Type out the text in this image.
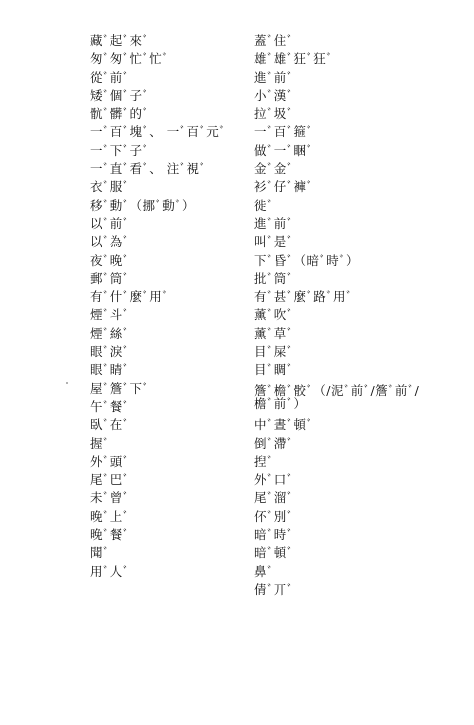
藏ﾞ起ﾞ來ﾞ
匆ﾞ匆ﾞ忙ﾞ忙ﾞ
從ﾞ前ﾞ
矮ﾞ個ﾞ子ﾞ
骯ﾞ髒ﾞ的ﾞ
一ﾞ百ﾞ塊ﾞ、 一ﾞ百ﾞ元ﾞ
一ﾞ下ﾞ子ﾞ
一ﾞ直ﾞ看ﾞ、 注ﾞ視ﾞ
衣ﾞ服ﾞ
移ﾞ動ﾞ（挪ﾞ動ﾞ）
以ﾞ前ﾞ
以ﾞ為ﾞ
夜ﾞ晚ﾞ
郵ﾞ筒ﾞ
有ﾞ什ﾞ麼ﾞ用ﾞ
煙ﾞ斗ﾞ
煙ﾞ絲ﾞ
眼ﾞ淚ﾞ
眼ﾞ睛ﾞ
屋ﾞ簷ﾞ下ﾞ
午ﾞ餐ﾞ
臥ﾞ在ﾞ
握ﾞ
外ﾞ頭ﾞ
尾ﾞ巴ﾞ
未ﾞ曾ﾞ
晚ﾞ上ﾞ
晚ﾞ餐ﾞ
聞ﾞ
用ﾞ人ﾞ
蓋ﾞ住ﾞ
雄ﾞ雄ﾞ狂ﾞ狂ﾞ
進ﾞ前ﾞ
小ﾞ漢ﾞ
拉ﾞ圾ﾞ
一ﾞ百ﾞ箍ﾞ
做ﾞ一ﾞ睏ﾞ
金ﾞ金ﾞ
衫ﾞ仔ﾞ褲ﾞ
徙ﾞ
進ﾞ前ﾞ
叫ﾞ是ﾞ
下ﾞ昏ﾞ（暗ﾞ時ﾞ）
批ﾞ筒ﾞ
有ﾞ甚ﾞ麼ﾞ路ﾞ用ﾞ
薰ﾞ吹ﾞ
薰ﾞ草ﾞ
目ﾞ屎ﾞ
目ﾞ睭ﾞ
簷ﾞ檐ﾞ骹ﾞ（/泥ﾞ前ﾞ/簷ﾞ前ﾞ/
檐ﾞ前ﾞ）
中ﾞ晝ﾞ頓ﾞ
倒ﾞ滯ﾞ
揑ﾞ
外ﾞ口ﾞ
尾ﾞ溜ﾞ
伓ﾞ別ﾞ
暗ﾞ時ﾞ
暗ﾞ頓ﾞ
鼻ﾞ
倩ﾞ丌ﾞ
